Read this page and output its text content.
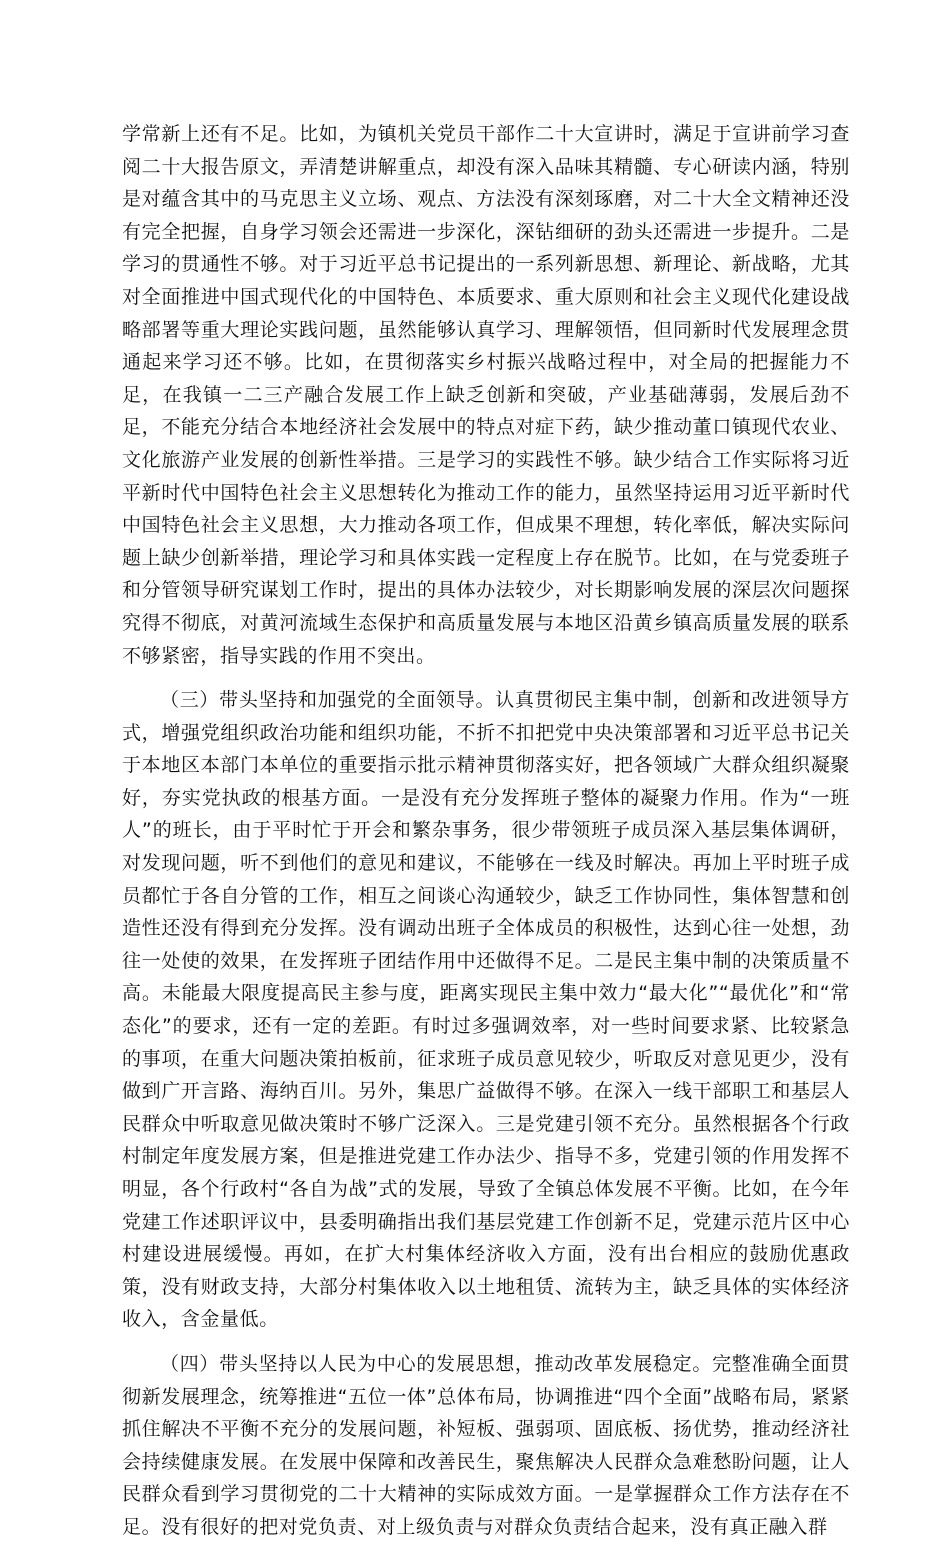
学常新上还有不足。比如，为镇机关党员干部作二十大宣讲时，满足于宣讲前学习查阅二十大报告原文，弄清楚讲解重点，却没有深入品味其精髓、专心研读内涵，特别是对蕴含其中的马克思主义立场、观点、方法没有深刻琢磨，对二十大全文精神还没有完全把握，自身学习领会还需进一步深化，深钻细研的劲头还需进一步提升。二是学习的贯通性不够。对于习近平总书记提出的一系列新思想、新理论、新战略，尤其对全面推进中国式现代化的中国特色、本质要求、重大原则和社会主义现代化建设战略部署等重大理论实践问题，虽然能够认真学习、理解领悟，但同新时代发展理念贯通起来学习还不够。比如，在贯彻落实乡村振兴战略过程中，对全局的把握能力不足，在我镇一二三产融合发展工作上缺乏创新和突破，产业基础薄弱，发展后劲不足，不能充分结合本地经济社会发展中的特点对症下药，缺少推动董口镇现代农业、文化旅游产业发展的创新性举措。三是学习的实践性不够。缺少结合工作实际将习近平新时代中国特色社会主义思想转化为推动工作的能力，虽然坚持运用习近平新时代中国特色社会主义思想，大力推动各项工作，但成果不理想，转化率低，解决实际问题上缺少创新举措，理论学习和具体实践一定程度上存在脱节。比如，在与党委班子和分管领导研究谋划工作时，提出的具体办法较少，对长期影响发展的深层次问题探究得不彻底，对黄河流域生态保护和高质量发展与本地区沿黄乡镇高质量发展的联系不够紧密，指导实践的作用不突出。

（三）带头坚持和加强党的全面领导。认真贯彻民主集中制，创新和改进领导方式，增强党组织政治功能和组织功能，不折不扣把党中央决策部署和习近平总书记关于本地区本部门本单位的重要指示批示精神贯彻落实好，把各领域广大群众组织凝聚好，夯实党执政的根基方面。一是没有充分发挥班子整体的凝聚力作用。作为“一班人”的班长，由于平时忙于开会和繁杂事务，很少带领班子成员深入基层集体调研，对发现问题，听不到他们的意见和建议，不能够在一线及时解决。再加上平时班子成员都忙于各自分管的工作，相互之间谈心沟通较少，缺乏工作协同性，集体智慧和创造性还没有得到充分发挥。没有调动出班子全体成员的积极性，达到心往一处想，劲往一处使的效果，在发挥班子团结作用中还做得不足。二是民主集中制的决策质量不高。未能最大限度提高民主参与度，距离实现民主集中效力“最大化”“最优化”和“常态化”的要求，还有一定的差距。有时过多强调效率，对一些时间要求紧、比较紧急的事项，在重大问题决策拍板前，征求班子成员意见较少，听取反对意见更少，没有做到广开言路、海纳百川。另外，集思广益做得不够。在深入一线干部职工和基层人民群众中听取意见做决策时不够广泛深入。三是党建引领不充分。虽然根据各个行政村制定年度发展方案，但是推进党建工作办法少、指导不多，党建引领的作用发挥不明显，各个行政村“各自为战”式的发展，导致了全镇总体发展不平衡。比如，在今年党建工作述职评议中，县委明确指出我们基层党建工作创新不足，党建示范片区中心村建设进展缓慢。再如，在扩大村集体经济收入方面，没有出台相应的鼓励优惠政策，没有财政支持，大部分村集体收入以土地租赁、流转为主，缺乏具体的实体经济收入，含金量低。

（四）带头坚持以人民为中心的发展思想，推动改革发展稳定。完整准确全面贯彻新发展理念，统筹推进“五位一体”总体布局，协调推进“四个全面”战略布局，紧紧抓住解决不平衡不充分的发展问题，补短板、强弱项、固底板、扬优势，推动经济社会持续健康发展。在发展中保障和改善民生，聚焦解决人民群众急难愁盼问题，让人民群众看到学习贯彻党的二十大精神的实际成效方面。一是掌握群众工作方法存在不足。没有很好的把对党负责、对上级负责与对群众负责结合起来，没有真正融入群
